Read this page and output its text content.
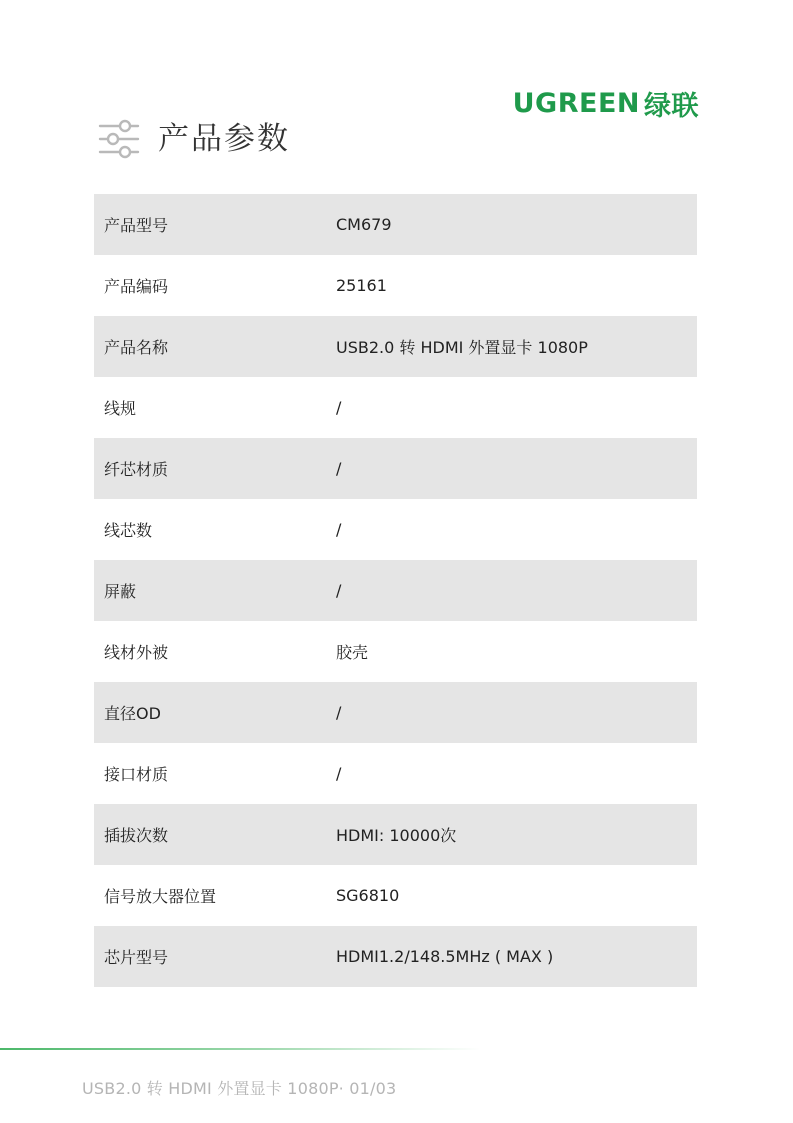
UGREEN 绿联
产品参数
产品型号	CM679
产品编码	25161
产品名称	USB2.0 转 HDMI 外置显卡 1080P
线规	/
纤芯材质	/
线芯数	/
屏蔽	/
线材外被	胶壳
直径OD	/
接口材质	/
插拔次数	HDMI: 10000次
信号放大器位置	SG6810
芯片型号	HDMI1.2/148.5MHz ( MAX )
USB2.0 转 HDMI 外置显卡 1080P· 01/03
